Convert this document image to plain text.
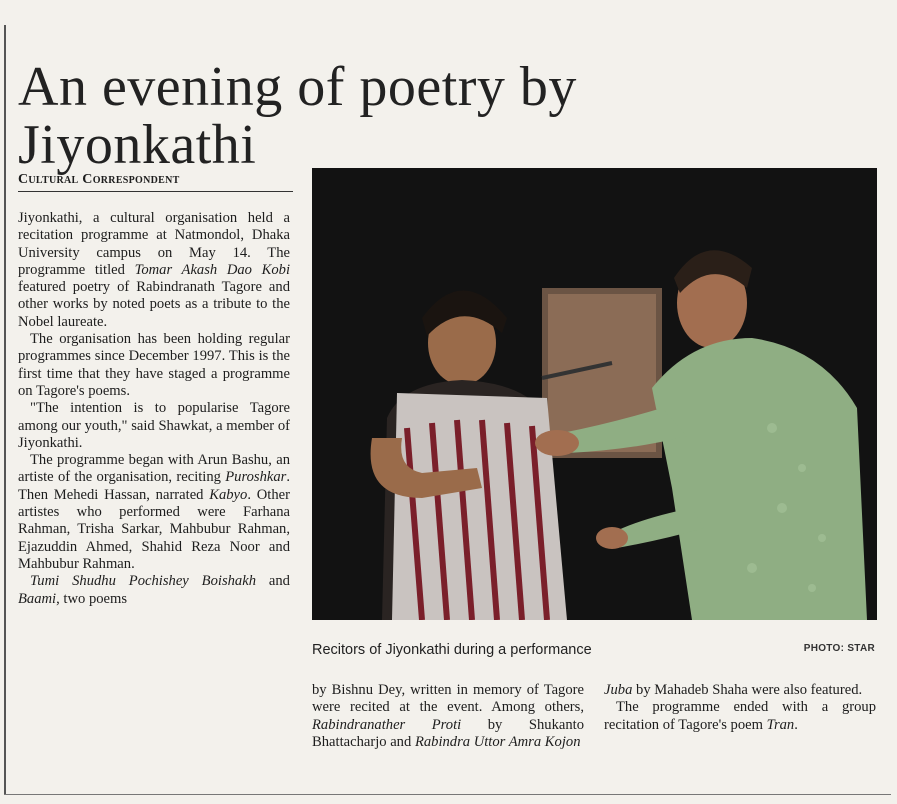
An evening of poetry by
Jiyonkathi
Cultural Correspondent

Jiyonkathi, a cultural organisation held a recitation programme at Natmondol, Dhaka University campus on May 14. The programme titled Tomar Akash Dao Kobi featured poetry of Rabindranath Tagore and other works by noted poets as a tribute to the Nobel laureate.

The organisation has been holding regular programmes since December 1997. This is the first time that they have staged a programme on Tagore's poems.

"The intention is to popularise Tagore among our youth," said Shawkat, a member of Jiyonkathi.

The programme began with Arun Bashu, an artiste of the organisation, reciting Puroshkar. Then Mehedi Hassan, narrated Kabyo. Other artistes who performed were Farhana Rahman, Trisha Sarkar, Mahbubur Rahman, Ejazuddin Ahmed, Shahid Reza Noor and Mahbubur Rahman.

Tumi Shudhu Pochishey Boishakh and Baami, two poems

Recitors of Jiyonkathi during a performance	PHOTO: STAR

by Bishnu Dey, written in memory of Tagore were recited at the event. Among others, Rabindranather Proti by Shukanto Bhattacharjo and Rabindra Uttor Amra Kojon

Juba by Mahadeb Shaha were also featured.

The programme ended with a group recitation of Tagore's poem Tran.
